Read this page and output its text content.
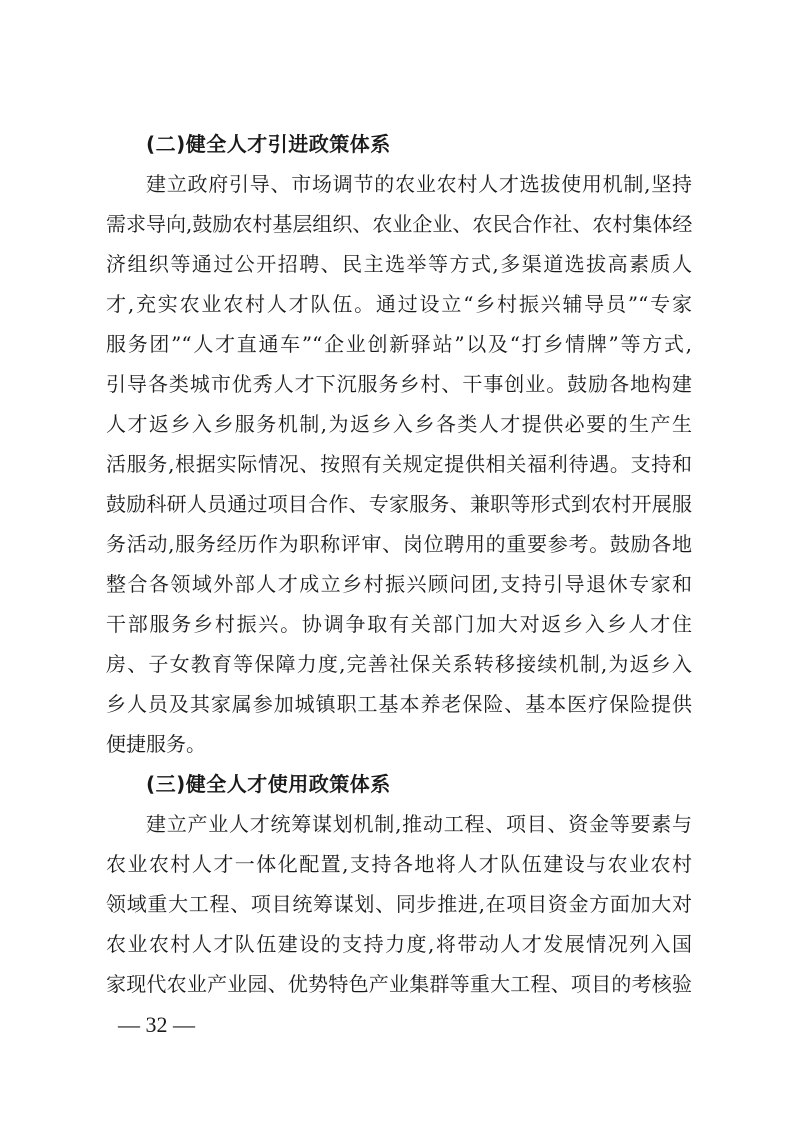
(二)健全人才引进政策体系
建立政府引导、市场调节的农业农村人才选拔使用机制,坚持
需求导向,鼓励农村基层组织、农业企业、农民合作社、农村集体经
济组织等通过公开招聘、民主选举等方式,多渠道选拔高素质人
才,充实农业农村人才队伍。通过设立“乡村振兴辅导员”“专家
服务团”“人才直通车”“企业创新驿站”以及“打乡情牌”等方式,
引导各类城市优秀人才下沉服务乡村、干事创业。鼓励各地构建
人才返乡入乡服务机制,为返乡入乡各类人才提供必要的生产生
活服务,根据实际情况、按照有关规定提供相关福利待遇。支持和
鼓励科研人员通过项目合作、专家服务、兼职等形式到农村开展服
务活动,服务经历作为职称评审、岗位聘用的重要参考。鼓励各地
整合各领域外部人才成立乡村振兴顾问团,支持引导退休专家和
干部服务乡村振兴。协调争取有关部门加大对返乡入乡人才住
房、子女教育等保障力度,完善社保关系转移接续机制,为返乡入
乡人员及其家属参加城镇职工基本养老保险、基本医疗保险提供
便捷服务。
(三)健全人才使用政策体系
建立产业人才统筹谋划机制,推动工程、项目、资金等要素与
农业农村人才一体化配置,支持各地将人才队伍建设与农业农村
领域重大工程、项目统筹谋划、同步推进,在项目资金方面加大对
农业农村人才队伍建设的支持力度,将带动人才发展情况列入国
家现代农业产业园、优势特色产业集群等重大工程、项目的考核验
— 32 —
